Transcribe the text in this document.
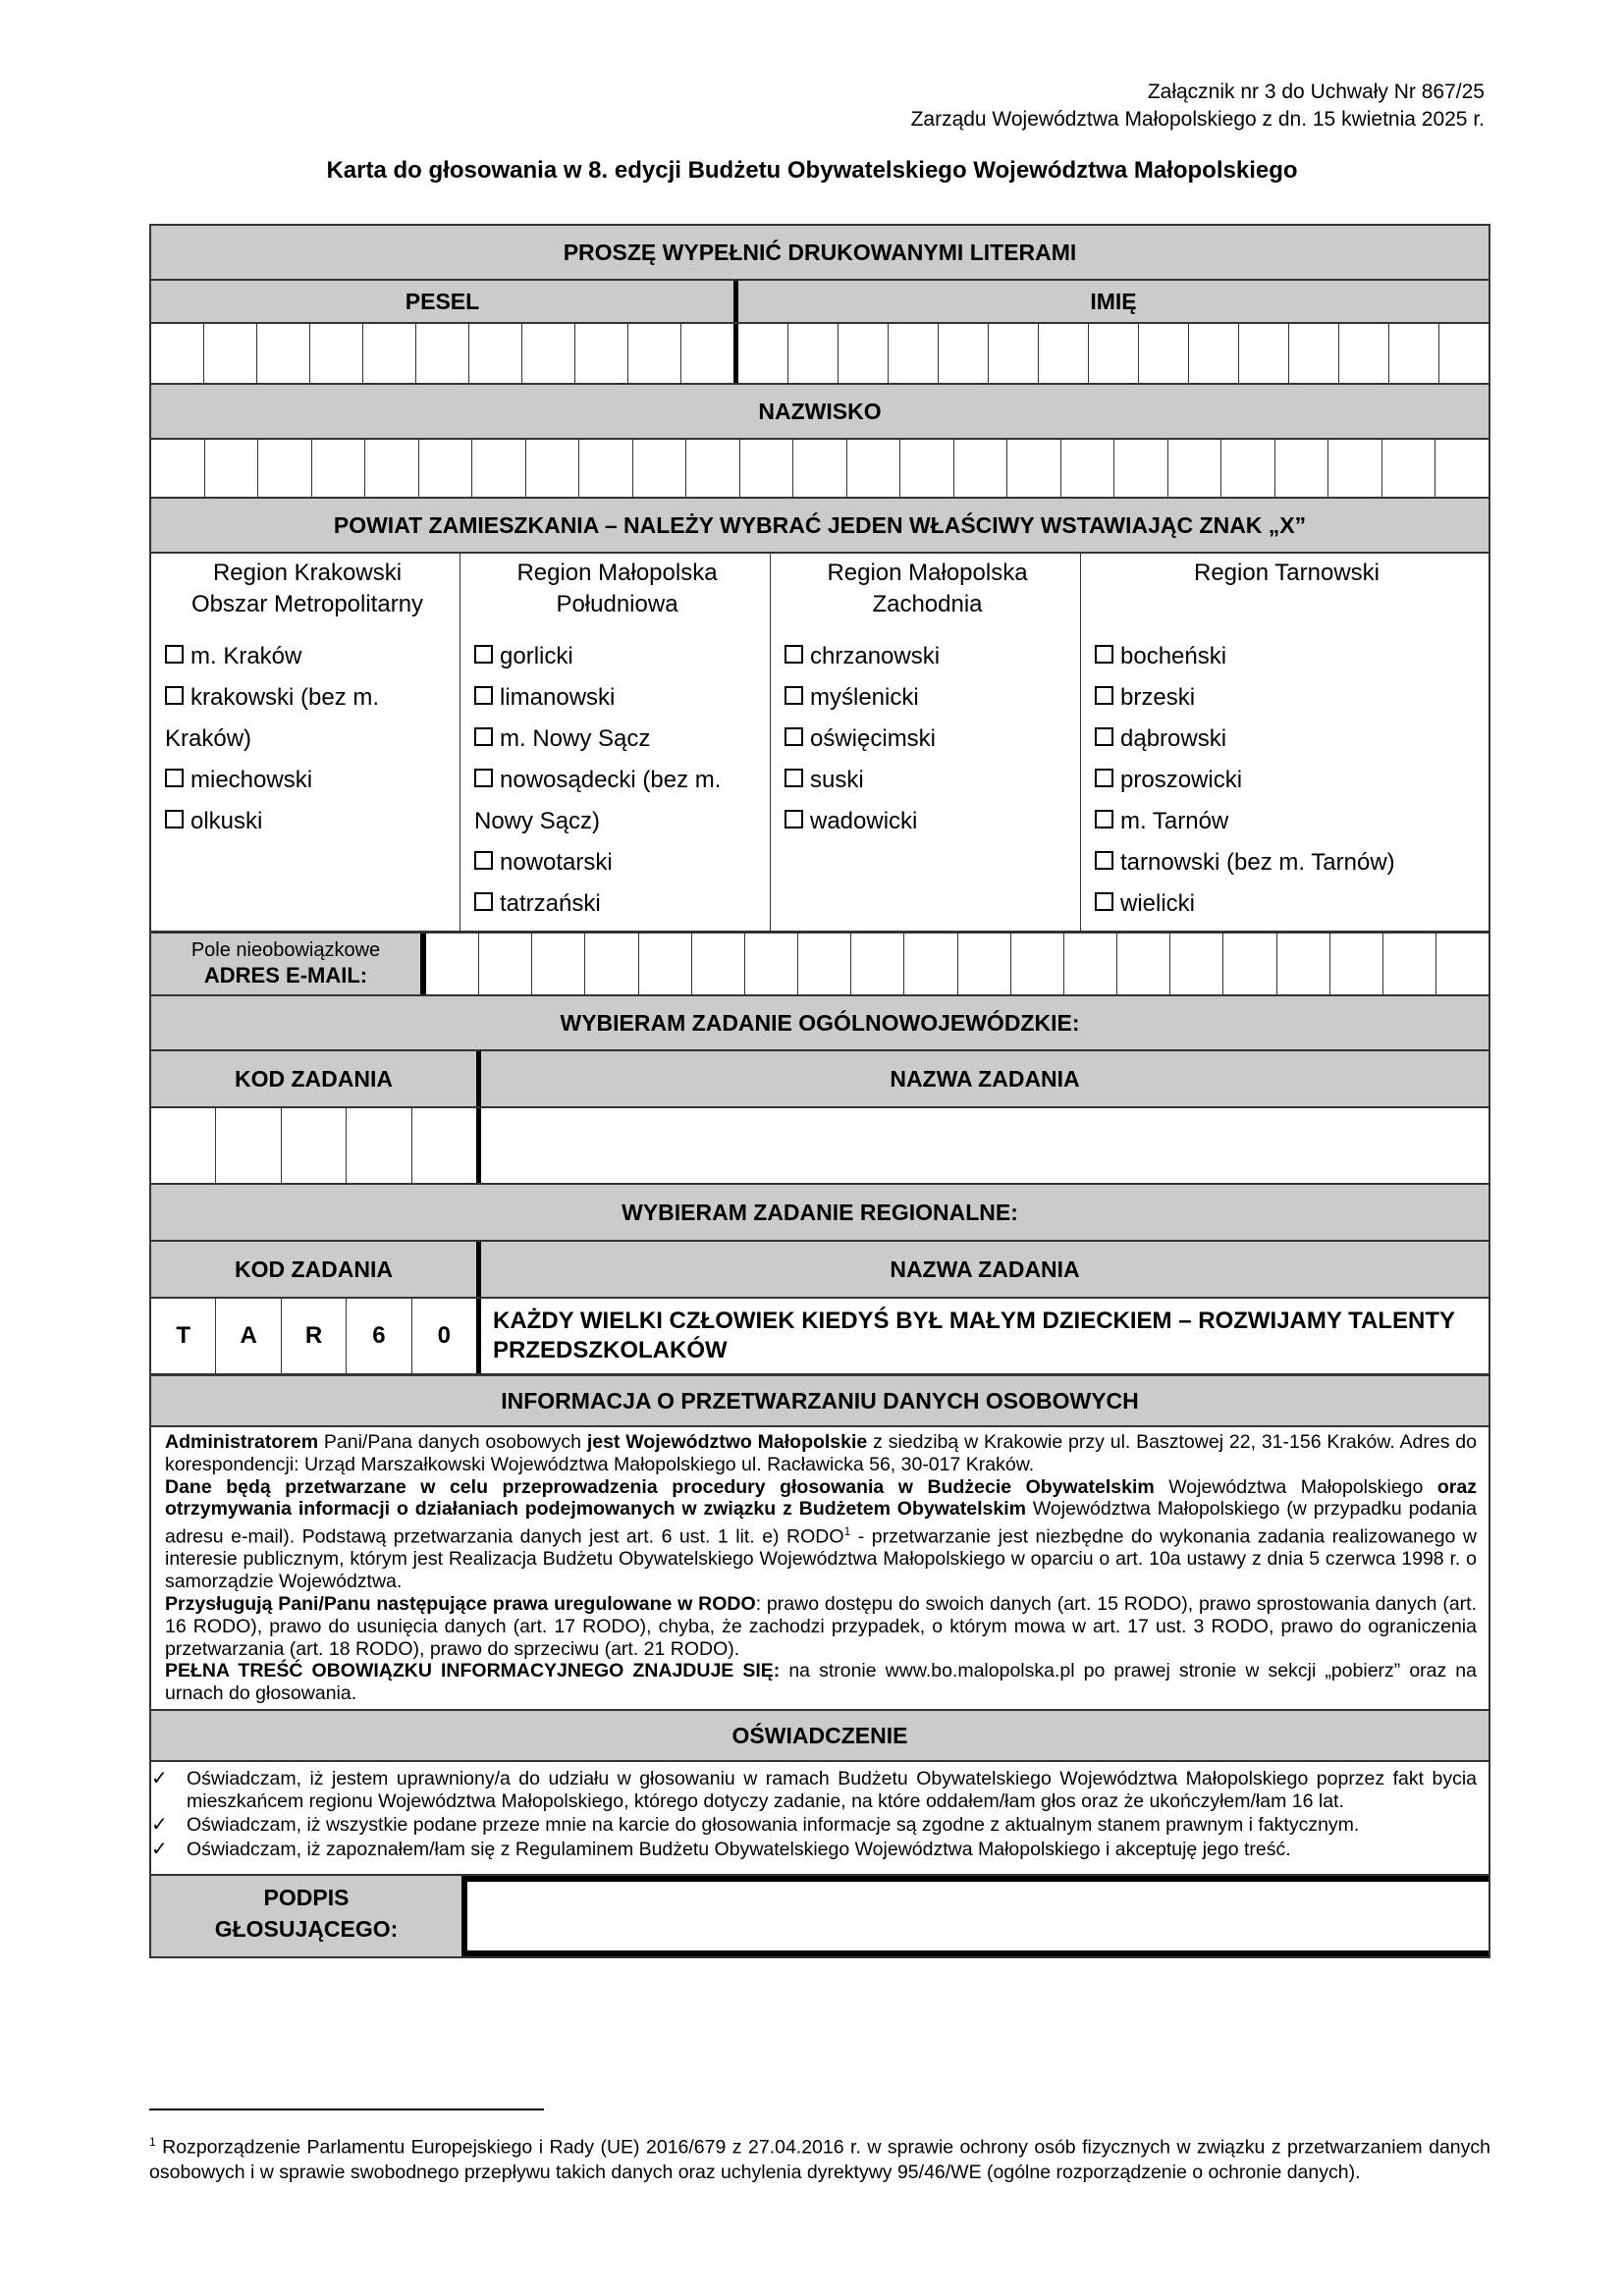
Załącznik nr 3 do Uchwały Nr 867/25
Zarządu Województwa Małopolskiego z dn. 15 kwietnia 2025 r.
Karta do głosowania w 8. edycji Budżetu Obywatelskiego Województwa Małopolskiego
PROSZĘ WYPEŁNIĆ DRUKOWANYMI LITERAMI
PESEL	IMIĘ
NAZWISKO
POWIAT ZAMIESZKANIA – NALEŻY WYBRAĆ JEDEN WŁAŚCIWY WSTAWIAJĄC ZNAK „X”
Region Krakowski
Obszar Metropolitarny
m. Kraków
krakowski (bez m. Kraków)
miechowski
olkuski
Region Małopolska
Południowa
gorlicki
limanowski
m. Nowy Sącz
nowosądecki (bez m. Nowy Sącz)
nowotarski
tatrzański
Region Małopolska
Zachodnia
chrzanowski
myślenicki
oświęcimski
suski
wadowicki
Region Tarnowski

bocheński
brzeski
dąbrowski
proszowicki
m. Tarnów
tarnowski (bez m. Tarnów)
wielicki
Pole nieobowiązkowe
ADRES E-MAIL:
WYBIERAM ZADANIE OGÓLNOWOJEWÓDZKIE:
KOD ZADANIA	NAZWA ZADANIA
WYBIERAM ZADANIE REGIONALNE:
KOD ZADANIA	NAZWA ZADANIA
T	A	R	6	0
KAŻDY WIELKI CZŁOWIEK KIEDYŚ BYŁ MAŁYM DZIECKIEM – ROZWIJAMY TALENTY PRZEDSZKOLAKÓW
INFORMACJA O PRZETWARZANIU DANYCH OSOBOWYCH

Administratorem Pani/Pana danych osobowych jest Województwo Małopolskie z siedzibą w Krakowie przy ul. Basztowej 22, 31-156 Kraków. Adres do korespondencji: Urząd Marszałkowski Województwa Małopolskiego ul. Racławicka 56, 30-017 Kraków.

Dane będą przetwarzane w celu przeprowadzenia procedury głosowania w Budżecie Obywatelskim Województwa Małopolskiego oraz otrzymywania informacji o działaniach podejmowanych w związku z Budżetem Obywatelskim Województwa Małopolskiego (w przypadku podania adresu e-mail). Podstawą przetwarzania danych jest art. 6 ust. 1 lit. e) RODO$^1$ - przetwarzanie jest niezbędne do wykonania zadania realizowanego w interesie publicznym, którym jest Realizacja Budżetu Obywatelskiego Województwa Małopolskiego w oparciu o art. 10a ustawy z dnia 5 czerwca 1998 r. o samorządzie Województwa.

Przysługują Pani/Panu następujące prawa uregulowane w RODO: prawo dostępu do swoich danych (art. 15 RODO), prawo sprostowania danych (art. 16 RODO), prawo do usunięcia danych (art. 17 RODO), chyba, że zachodzi przypadek, o którym mowa w art. 17 ust. 3 RODO, prawo do ograniczenia przetwarzania (art. 18 RODO), prawo do sprzeciwu (art. 21 RODO).

PEŁNA TREŚĆ OBOWIĄZKU INFORMACYJNEGO ZNAJDUJE SIĘ: na stronie www.bo.malopolska.pl po prawej stronie w sekcji „pobierz” oraz na urnach do głosowania.

OŚWIADCZENIE
✓ Oświadczam, iż jestem uprawniony/a do udziału w głosowaniu w ramach Budżetu Obywatelskiego Województwa Małopolskiego poprzez fakt bycia mieszkańcem regionu Województwa Małopolskiego, którego dotyczy zadanie, na które oddałem/łam głos oraz że ukończyłem/łam 16 lat.
✓ Oświadczam, iż wszystkie podane przeze mnie na karcie do głosowania informacje są zgodne z aktualnym stanem prawnym i faktycznym.
✓ Oświadczam, iż zapoznałem/łam się z Regulaminem Budżetu Obywatelskiego Województwa Małopolskiego i akceptuję jego treść.
PODPIS
GŁOSUJĄCEGO:
$^1$ Rozporządzenie Parlamentu Europejskiego i Rady (UE) 2016/679 z 27.04.2016 r. w sprawie ochrony osób fizycznych w związku z przetwarzaniem danych osobowych i w sprawie swobodnego przepływu takich danych oraz uchylenia dyrektywy 95/46/WE (ogólne rozporządzenie o ochronie danych).
